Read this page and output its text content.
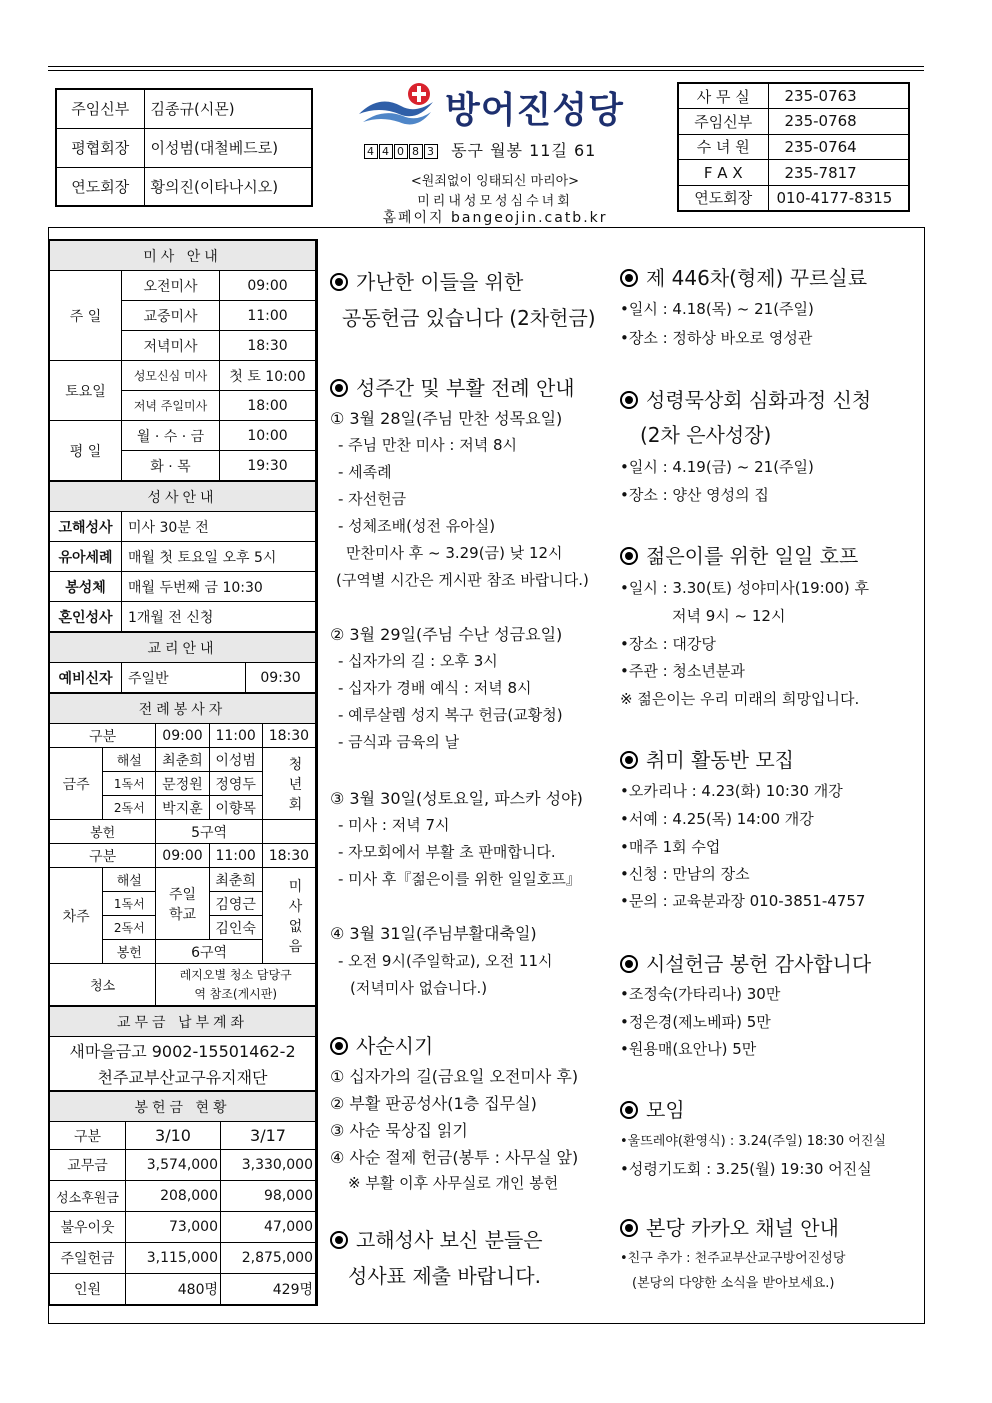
주임신부	김종규(시몬)
평협회장	이성범(대철베드로)
연도회장	황의진(이타나시오)
방어진성당
4 4 0 8 3 동구 월봉 11길 61
<원죄없이 잉태되신 마리아>
미리내성모성심수녀회
홈페이지 bangeojin.catb.kr
사 무 실	235-0763
주임신부	235-0768
수 녀 원	235-0764
F A X	235-7817
연도회장	010-4177-8315
미사 안내		
주 일	오전미사	09:00
	교중미사	11:00
	저녁미사	18:30
토요일	성모신심 미사	첫 토 10:00
	저녁 주일미사	18:00
평 일	월 · 수 · 금	10:00
	화 · 목	19:30
성사안내	
고해성사	미사 30분 전
유아세례	매월 첫 토요일 오후 5시
봉성체	매월 두번째 금 10:30
혼인성사	1개월 전 신청
교리안내
예비신자	주일반	09:30
전례봉사자				
구분		09:00	11:00	18:30
금주	해설	최춘희	이성범	청년회
	1독서	문정원	정영두	
	2독서	박지훈	이향목	
봉헌		5구역		
구분		09:00	11:00	18:30
차주	해설	주일학교	최춘희	미사없음
	1독서		김영근	
	2독서		김인숙	
	봉헌	6구역		
청소		레지오별 청소 담당구역 참조(게시판)		
교무금 납부계좌
새마을금고 9002-15501462-2
천주교부산교구유지재단
봉헌금 현황		
구분	3/10	3/17
교무금	3,574,000	3,330,000
성소후원금	208,000	98,000
불우이웃	73,000	47,000
주일헌금	3,115,000	2,875,000
인원	480명	429명
가난한 이들을 위한
공동헌금 있습니다 (2차헌금)
성주간 및 부활 전례 안내
① 3월 28일(주님 만찬 성목요일)
- 주님 만찬 미사 : 저녁 8시
- 세족례
- 자선헌금
- 성체조배(성전 유아실)
만찬미사 후 ~ 3.29(금) 낮 12시
(구역별 시간은 게시판 참조 바랍니다.)
② 3월 29일(주님 수난 성금요일)
- 십자가의 길 : 오후 3시
- 십자가 경배 예식 : 저녁 8시
- 예루살렘 성지 복구 헌금(교황청)
- 금식과 금육의 날
③ 3월 30일(성토요일, 파스카 성야)
- 미사 : 저녁 7시
- 자모회에서 부활 초 판매합니다.
- 미사 후『젊은이를 위한 일일호프』
④ 3월 31일(주님부활대축일)
- 오전 9시(주일학교), 오전 11시
(저녁미사 없습니다.)
사순시기
① 십자가의 길(금요일 오전미사 후)
② 부활 판공성사(1층 집무실)
③ 사순 묵상집 읽기
④ 사순 절제 헌금(봉투 : 사무실 앞)
※ 부활 이후 사무실로 개인 봉헌
고해성사 보신 분들은
성사표 제출 바랍니다.
제 446차(형제) 꾸르실료
•일시 : 4.18(목) ~ 21(주일)
•장소 : 정하상 바오로 영성관
성령묵상회 심화과정 신청
(2차 은사성장)
•일시 : 4.19(금) ~ 21(주일)
•장소 : 양산 영성의 집
젊은이를 위한 일일 호프
•일시 : 3.30(토) 성야미사(19:00) 후
저녁 9시 ~ 12시
•장소 : 대강당
•주관 : 청소년분과
※ 젊은이는 우리 미래의 희망입니다.
취미 활동반 모집
•오카리나 : 4.23(화) 10:30 개강
•서예 : 4.25(목) 14:00 개강
•매주 1회 수업
•신청 : 만남의 장소
•문의 : 교육분과장 010-3851-4757
시설헌금 봉헌 감사합니다
•조정숙(가타리나) 30만
•정은경(제노베파) 5만
•원용매(요안나) 5만
모임
•울뜨레야(환영식) : 3.24(주일) 18:30 어진실
•성령기도회 : 3.25(월) 19:30 어진실
본당 카카오 채널 안내
•친구 추가 : 천주교부산교구방어진성당
(본당의 다양한 소식을 받아보세요.)
